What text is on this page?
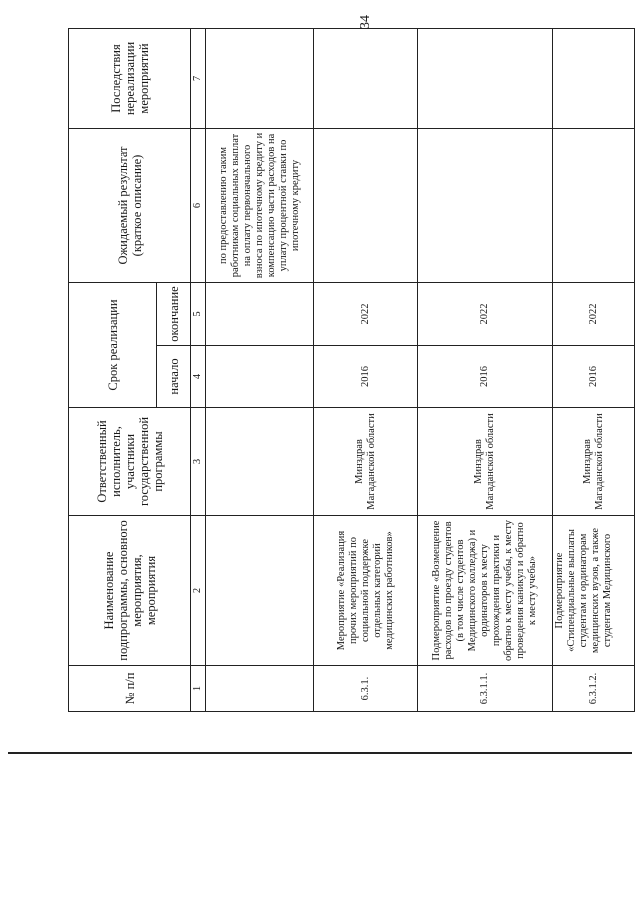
№ п/п	Наименование подпрограммы, основного мероприятия, мероприятия	Ответственный исполнитель, участники государственной программы	Срок реализации		Ожидаемый результат (краткое описание)	Последствия нереализации мероприятий
			начало	окончание		
1	2	3	4	5	6	7
					по предоставлению таким работникам социальных выплат на оплату первоначального взноса по ипотечному кредиту и компенсацию части расходов на уплату процентной ставки по ипотечному кредиту	
6.3.1.	Мероприятие «Реализация прочих мероприятий по социальной поддержке отдельных категорий медицинских работников»	Минздрав Магаданской области	2016	2022		
6.3.1.1.	Подмероприятие «Возмещение расходов по проезду студентов (в том числе студентов Медицинского колледжа) и ординаторов к месту прохождения практики и обратно к месту учебы, к месту проведения каникул и обратно к месту учебы»	Минздрав Магаданской области	2016	2022		
6.3.1.2.	Подмероприятие «Стипендиальные выплаты студентам и ординаторам медицинских вузов, а также студентам Медицинского	Минздрав Магаданской области	2016	2022		
34
